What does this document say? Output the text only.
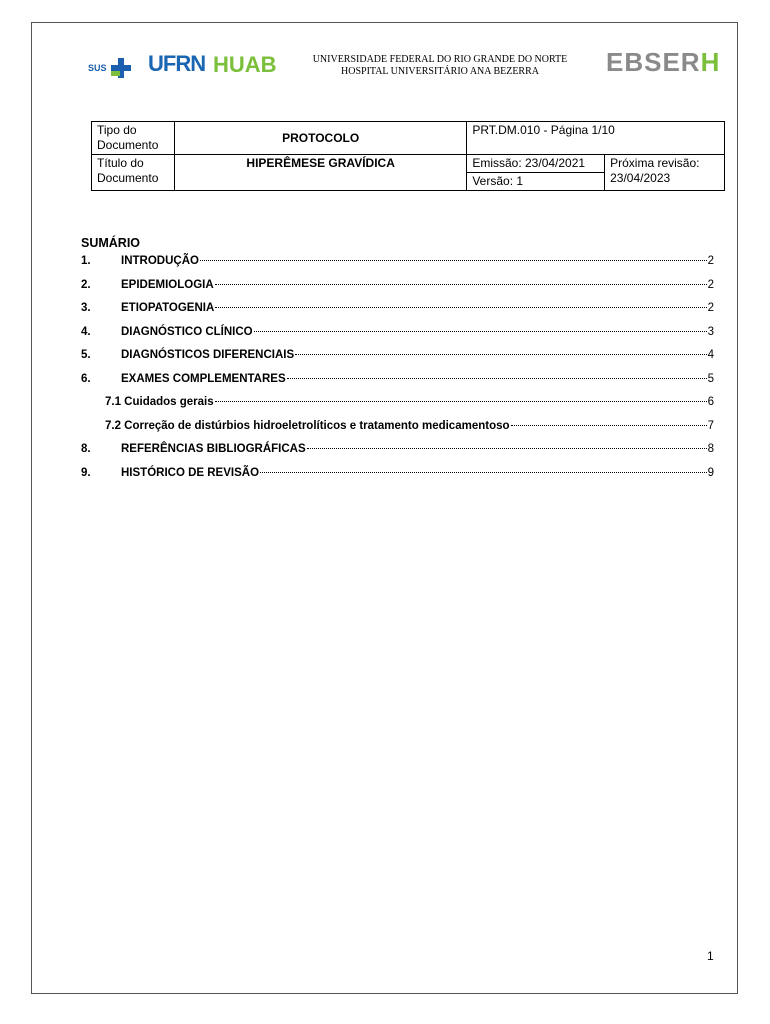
SUS UFRN HUAB	UNIVERSIDADE FEDERAL DO RIO GRANDE DO NORTE
HOSPITAL UNIVERSITÁRIO ANA BEZERRA	EBSERH
Tipo do Documento	PROTOCOLO	PRT.DM.010 - Página 1/10	
Título do Documento	HIPERÊMESE GRAVÍDICA	Emissão: 23/04/2021	Próxima revisão: 23/04/2023
		Versão: 1	
SUMÁRIO
1.	INTRODUÇÃO	2
2.	EPIDEMIOLOGIA	2
3.	ETIOPATOGENIA	2
4.	DIAGNÓSTICO CLÍNICO	3
5.	DIAGNÓSTICOS DIFERENCIAIS	4
6.	EXAMES COMPLEMENTARES	5
7.1 Cuidados gerais	6
7.2 Correção de distúrbios hidroeletrolíticos e tratamento medicamentoso	7
8.	REFERÊNCIAS BIBLIOGRÁFICAS	8
9.	HISTÓRICO DE REVISÃO	9
1
